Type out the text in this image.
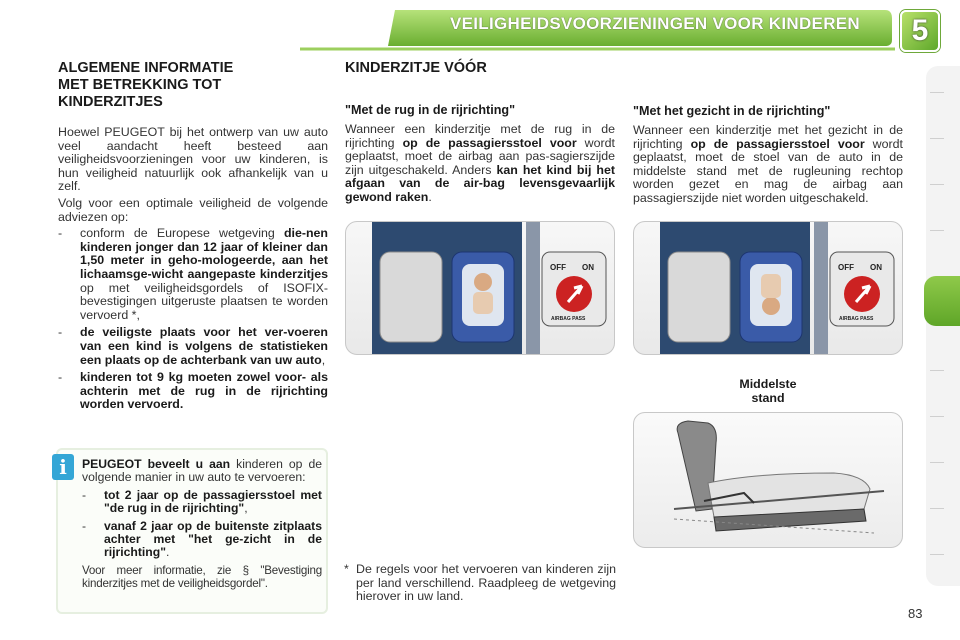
VEILIGHEIDSVOORZIENINGEN VOOR KINDEREN	5
ALGEMENE INFORMATIE
MET BETREKKING TOT
KINDERZITJES

Hoewel PEUGEOT bij het ontwerp van uw auto veel aandacht heeft besteed aan veiligheidsvoorzieningen voor uw kinderen, is hun veiligheid natuurlijk ook afhankelijk van u zelf.

Volg voor een optimale veiligheid de volgende adviezen op:

- conform de Europese wetgeving die-nen kinderen jonger dan 12 jaar of kleiner dan 1,50 meter in geho-mologeerde, aan het lichaamsge-wicht aangepaste kinderzitjes op met veiligheidsgordels of ISOFIX-bevestigingen uitgeruste plaatsen te worden vervoerd *,
- de veiligste plaats voor het ver-voeren van een kind is volgens de statistieken een plaats op de achterbank van uw auto,
- kinderen tot 9 kg moeten zowel voor- als achterin met de rug in de rijrichting worden vervoerd.
i	PEUGEOT beveelt u aan kinderen op de volgende manier in uw auto te vervoeren:

- tot 2 jaar op de passagiersstoel met "de rug in de rijrichting",
- vanaf 2 jaar op de buitenste zitplaats achter met "het ge-zicht in de rijrichting".

Voor meer informatie, zie § "Bevestiging kinderzitjes met de veiligheidsgordel".

KINDERZITJE VÓÓR
"Met de rug in de rijrichting"

Wanneer een kinderzitje met de rug in de rijrichting op de passagiersstoel voor wordt geplaatst, moet de airbag aan pas-sagierszijde zijn uitgeschakeld. Anders kan het kind bij het afgaan van de air-bag levensgevaarlijk gewond raken.

"Met het gezicht in de rijrichting"

Wanneer een kinderzitje met het gezicht in de rijrichting op de passagiersstoel voor wordt geplaatst, moet de stoel van de auto in de middelste stand met de rugleuning rechtop worden gezet en mag de airbag aan passagierszijde niet worden uitgeschakeld.

OFF ON
AIRBAG PASS
OFF ON
AIRBAG PASS
Middelste
stand
* De regels voor het vervoeren van kinderen zijn per land verschillend. Raadpleeg de wetgeving hierover in uw land.
83
